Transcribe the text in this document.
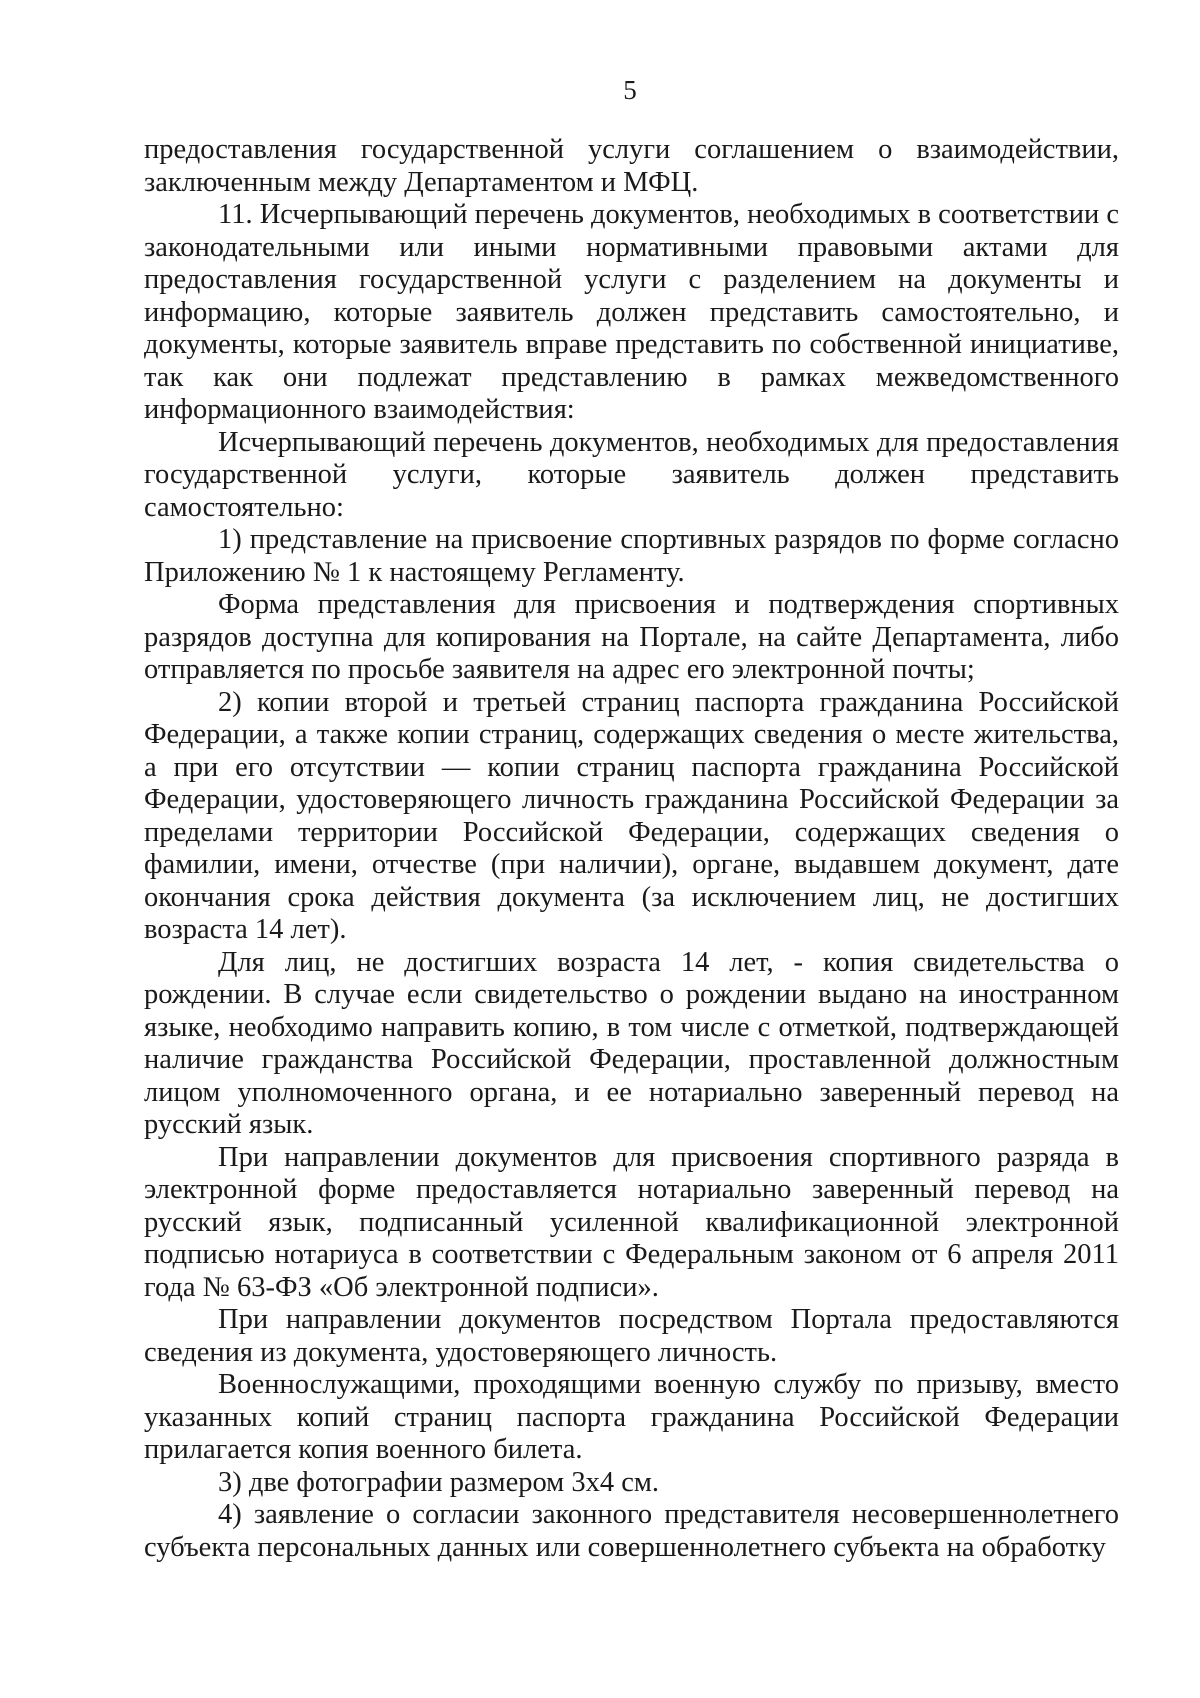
5

предоставления государственной услуги соглашением о взаимодействии, заключенным между Департаментом и МФЦ.

11. Исчерпывающий перечень документов, необходимых в соответствии с законодательными или иными нормативными правовыми актами для предоставления государственной услуги с разделением на документы и информацию, которые заявитель должен представить самостоятельно, и документы, которые заявитель вправе представить по собственной инициативе, так как они подлежат представлению в рамках межведомственного информационного взаимодействия:

Исчерпывающий перечень документов, необходимых для предоставления государственной услуги, которые заявитель должен представить самостоятельно:

1) представление на присвоение спортивных разрядов по форме согласно Приложению № 1 к настоящему Регламенту.

Форма представления для присвоения и подтверждения спортивных разрядов доступна для копирования на Портале, на сайте Департамента, либо отправляется по просьбе заявителя на адрес его электронной почты;

2) копии второй и третьей страниц паспорта гражданина Российской Федерации, а также копии страниц, содержащих сведения о месте жительства, а при его отсутствии — копии страниц паспорта гражданина Российской Федерации, удостоверяющего личность гражданина Российской Федерации за пределами территории Российской Федерации, содержащих сведения о фамилии, имени, отчестве (при наличии), органе, выдавшем документ, дате окончания срока действия документа (за исключением лиц, не достигших возраста 14 лет).

Для лиц, не достигших возраста 14 лет, - копия свидетельства о рождении. В случае если свидетельство о рождении выдано на иностранном языке, необходимо направить копию, в том числе с отметкой, подтверждающей наличие гражданства Российской Федерации, проставленной должностным лицом уполномоченного органа, и ее нотариально заверенный перевод на русский язык.

При направлении документов для присвоения спортивного разряда в электронной форме предоставляется нотариально заверенный перевод на русский язык, подписанный усиленной квалификационной электронной подписью нотариуса в соответствии с Федеральным законом от 6 апреля 2011 года № 63-ФЗ «Об электронной подписи».

При направлении документов посредством Портала предоставляются сведения из документа, удостоверяющего личность.

Военнослужащими, проходящими военную службу по призыву, вместо указанных копий страниц паспорта гражданина Российской Федерации прилагается копия военного билета.

3) две фотографии размером 3х4 см.

4) заявление о согласии законного представителя несовершеннолетнего субъекта персональных данных или совершеннолетнего субъекта на обработку
